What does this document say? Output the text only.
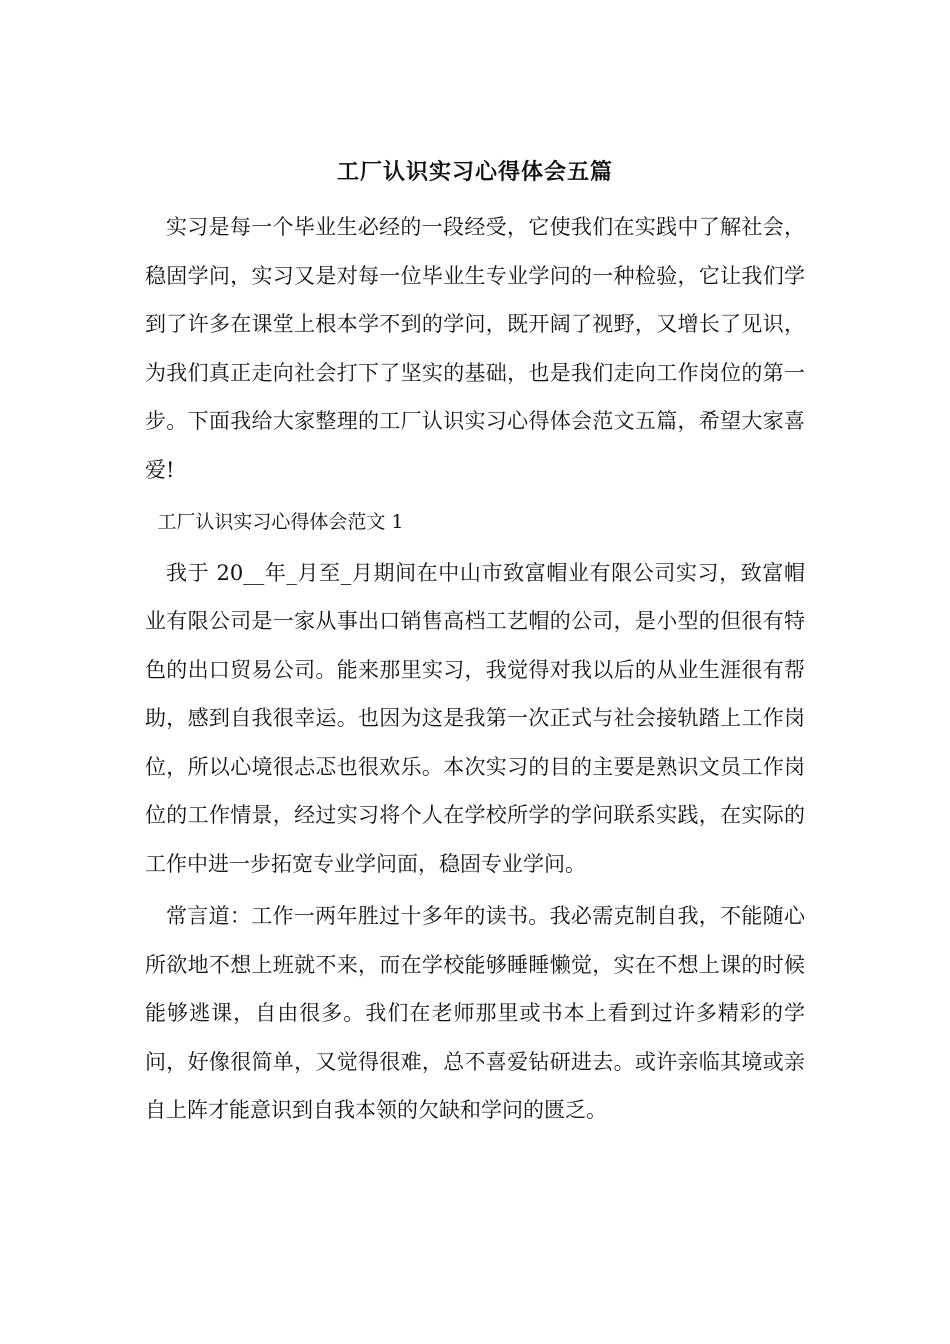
工厂认识实习心得体会五篇

实习是每一个毕业生必经的一段经受，它使我们在实践中了解社会，稳固学问，实习又是对每一位毕业生专业学问的一种检验，它让我们学到了许多在课堂上根本学不到的学问，既开阔了视野，又增长了见识，为我们真正走向社会打下了坚实的基础，也是我们走向工作岗位的第一步。下面我给大家整理的工厂认识实习心得体会范文五篇，希望大家喜爱!

工厂认识实习心得体会范文 1

我于 20__年_月至_月期间在中山市致富帽业有限公司实习，致富帽业有限公司是一家从事出口销售高档工艺帽的公司，是小型的但很有特色的出口贸易公司。能来那里实习，我觉得对我以后的从业生涯很有帮助，感到自我很幸运。也因为这是我第一次正式与社会接轨踏上工作岗位，所以心境很忐忑也很欢乐。本次实习的目的主要是熟识文员工作岗位的工作情景，经过实习将个人在学校所学的学问联系实践，在实际的工作中进一步拓宽专业学问面，稳固专业学问。

常言道：工作一两年胜过十多年的读书。我必需克制自我，不能随心所欲地不想上班就不来，而在学校能够睡睡懒觉，实在不想上课的时候能够逃课，自由很多。我们在老师那里或书本上看到过许多精彩的学问，好像很简单，又觉得很难，总不喜爱钻研进去。或许亲临其境或亲自上阵才能意识到自我本领的欠缺和学问的匮乏。
